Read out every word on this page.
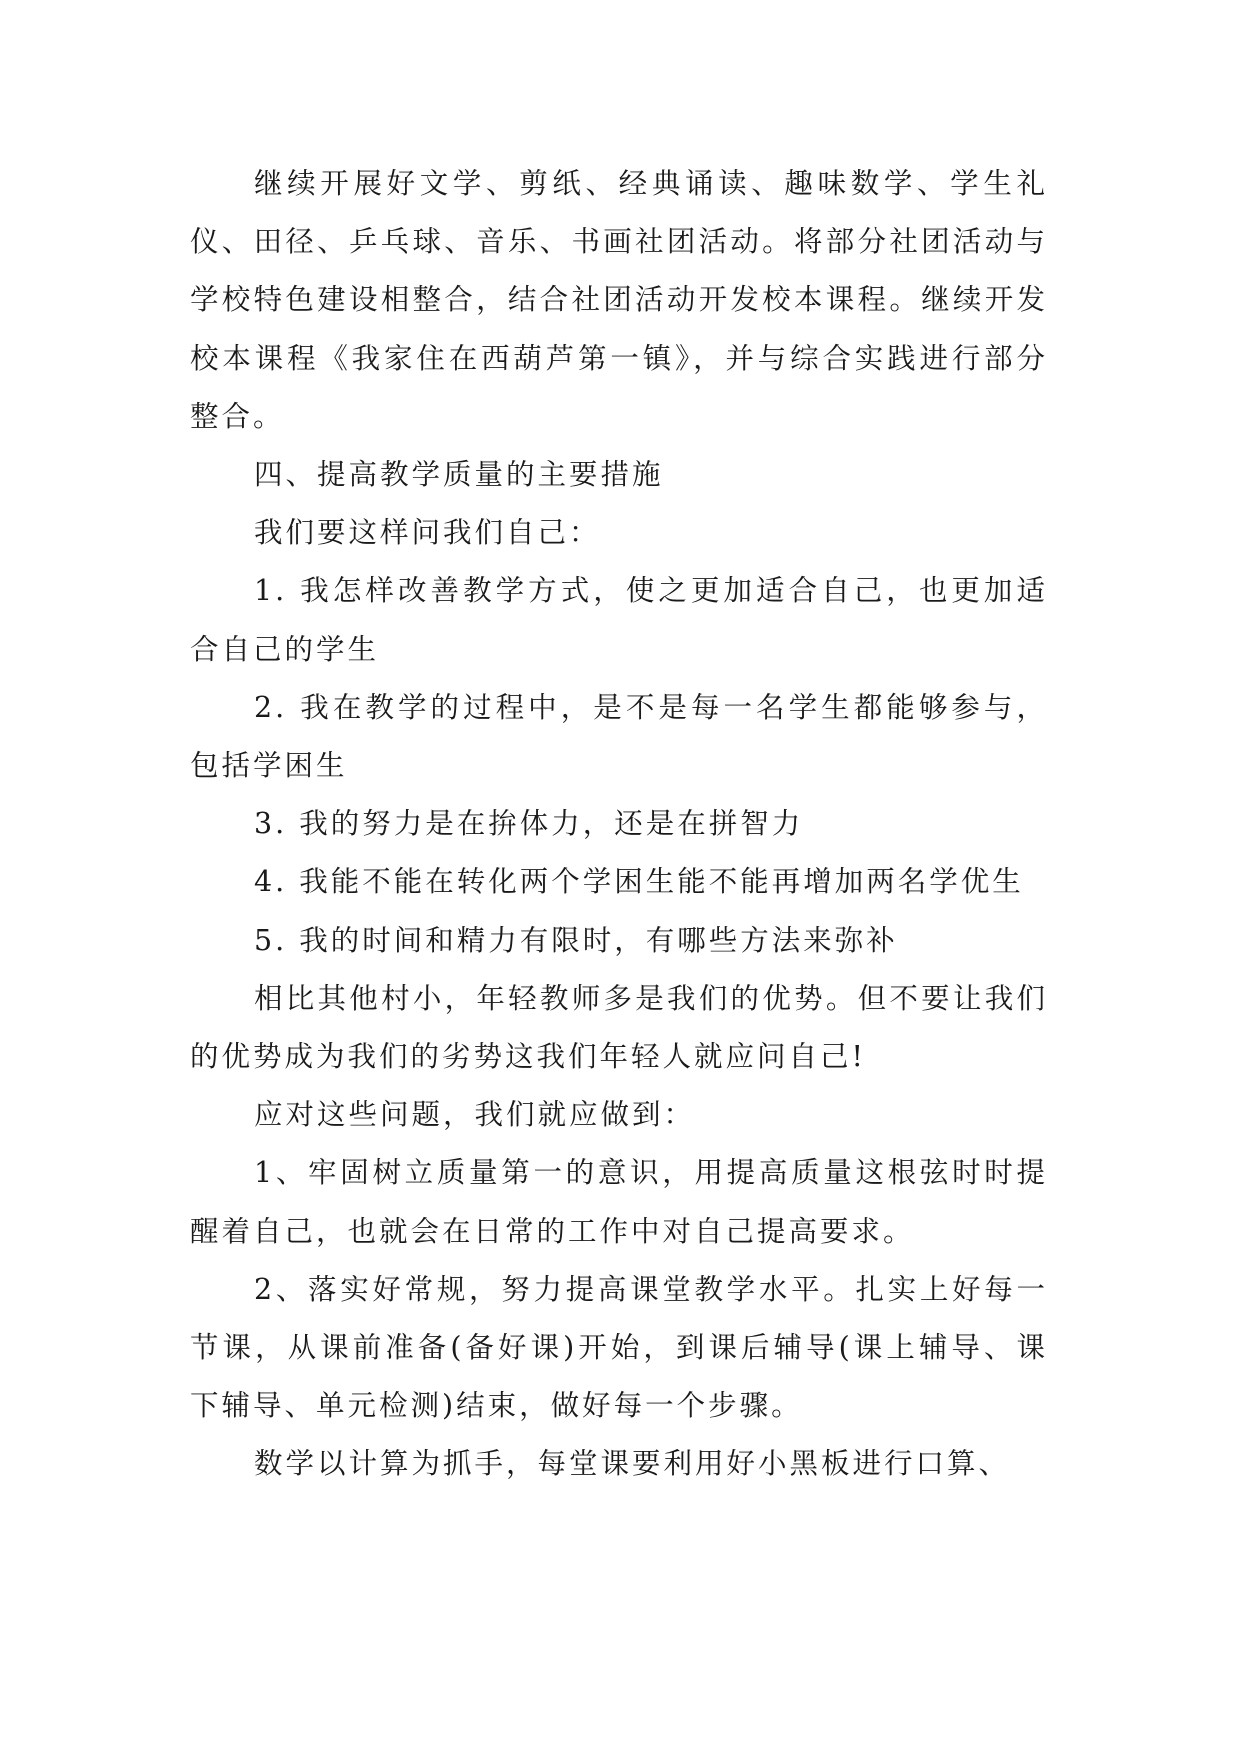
继续开展好文学、剪纸、经典诵读、趣味数学、学生礼仪、田径、乒乓球、音乐、书画社团活动。将部分社团活动与学校特色建设相整合，结合社团活动开发校本课程。继续开发校本课程《我家住在西葫芦第一镇》，并与综合实践进行部分整合。

四、提高教学质量的主要措施

我们要这样问我们自己：

1. 我怎样改善教学方式，使之更加适合自己，也更加适合自己的学生

2. 我在教学的过程中，是不是每一名学生都能够参与，包括学困生

3. 我的努力是在拚体力，还是在拼智力

4. 我能不能在转化两个学困生能不能再增加两名学优生

5. 我的时间和精力有限时，有哪些方法来弥补

相比其他村小，年轻教师多是我们的优势。但不要让我们的优势成为我们的劣势这我们年轻人就应问自己!

应对这些问题，我们就应做到：

1、牢固树立质量第一的意识，用提高质量这根弦时时提醒着自己，也就会在日常的工作中对自己提高要求。

2、落实好常规，努力提高课堂教学水平。扎实上好每一节课，从课前准备(备好课)开始，到课后辅导(课上辅导、课下辅导、单元检测)结束，做好每一个步骤。

数学以计算为抓手，每堂课要利用好小黑板进行口算、
